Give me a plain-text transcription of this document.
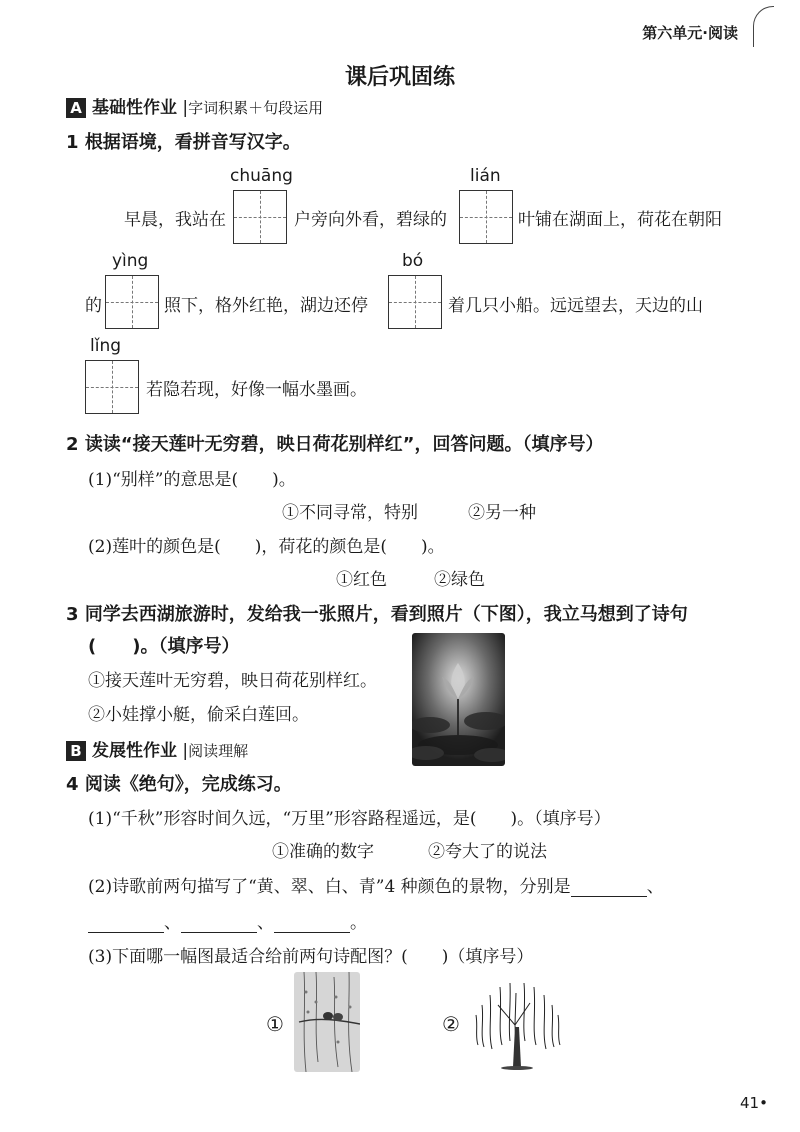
第六单元·阅读
课后巩固练
A 基础性作业 |字词积累＋句段运用
1 根据语境，看拼音写汉字。
chuāng	lián
早晨，我站在	户旁向外看，碧绿的	叶铺在湖面上，荷花在朝阳
yìng	bó
的	照下，格外红艳，湖边还停	着几只小船。远远望去，天边的山
lǐng
若隐若现，好像一幅水墨画。
2 读读“接天莲叶无穷碧，映日荷花别样红”，回答问题。（填序号）
(1)“别样”的意思是(　　)。
①不同寻常，特别	②另一种
(2)莲叶的颜色是(　　)，荷花的颜色是(　　)。
①红色	②绿色
3 同学去西湖旅游时，发给我一张照片，看到照片（下图），我立马想到了诗句
(　　)。（填序号）
①接天莲叶无穷碧，映日荷花别样红。
②小娃撑小艇，偷采白莲回。
B 发展性作业 |阅读理解
4 阅读《绝句》，完成练习。
(1)“千秋”形容时间久远，“万里”形容路程遥远，是(　　)。（填序号）
①准确的数字	②夸大了的说法
(2)诗歌前两句描写了“黄、翠、白、青”4 种颜色的景物，分别是	、
、	、	。
(3)下面哪一幅图最适合给前两句诗配图？(　　)（填序号）
①	②
41•
